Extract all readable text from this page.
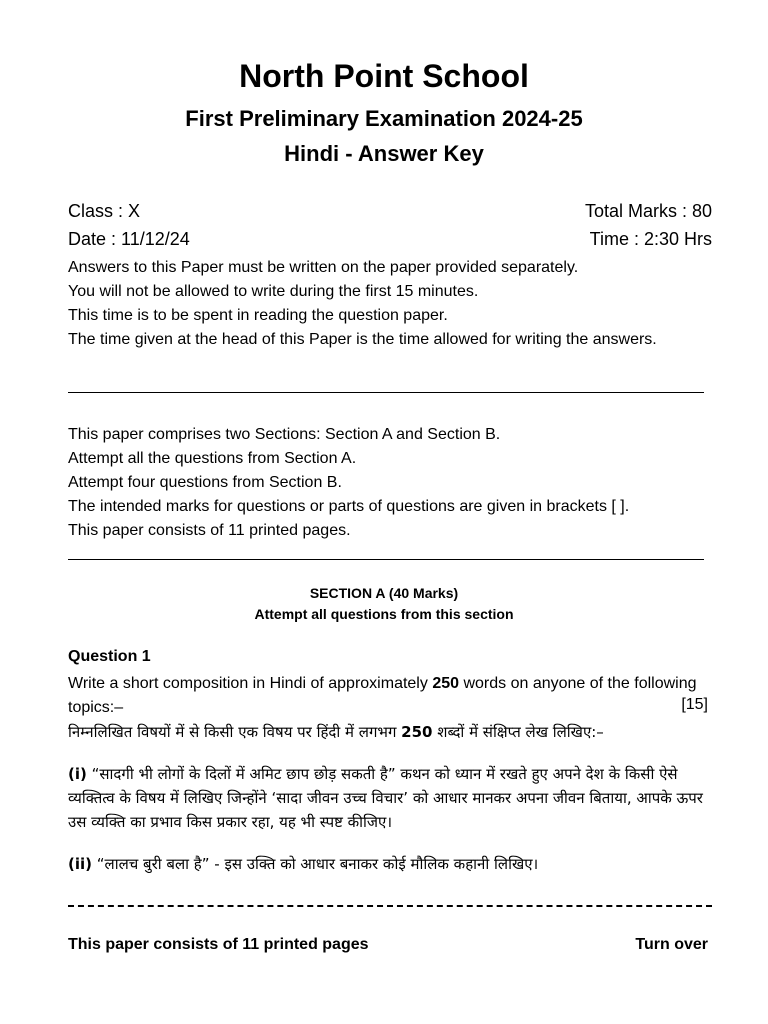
North Point School
First Preliminary Examination 2024-25
Hindi - Answer Key
Class : X	Total Marks : 80
Date : 11/12/24	Time : 2:30 Hrs

Answers to this Paper must be written on the paper provided separately.

You will not be allowed to write during the first 15 minutes.

This time is to be spent in reading the question paper.

The time given at the head of this Paper is the time allowed for writing the answers.

This paper comprises two Sections: Section A and Section B.

Attempt all the questions from Section A.

Attempt four questions from Section B.

The intended marks for questions or parts of questions are given in brackets [ ].

This paper consists of 11 printed pages.

SECTION A (40 Marks)
Attempt all questions from this section
Question 1

Write a short composition in Hindi of approximately 250 words on anyone of the following topics:–	[15]

निम्नलिखित विषयों में से किसी एक विषय पर हिंदी में लगभग 250 शब्दों में संक्षिप्त लेख लिखिए:–

(i) “सादगी भी लोगों के दिलों में अमिट छाप छोड़ सकती है” कथन को ध्यान में रखते हुए अपने देश के किसी ऐसे व्यक्तित्व के विषय में लिखिए जिन्होंने ‘सादा जीवन उच्च विचार’ को आधार मानकर अपना जीवन बिताया, आपके ऊपर उस व्यक्ति का प्रभाव किस प्रकार रहा, यह भी स्पष्ट कीजिए।

(ii) “लालच बुरी बला है” - इस उक्ति को आधार बनाकर कोई मौलिक कहानी लिखिए।

This paper consists of 11 printed pages	Turn over
